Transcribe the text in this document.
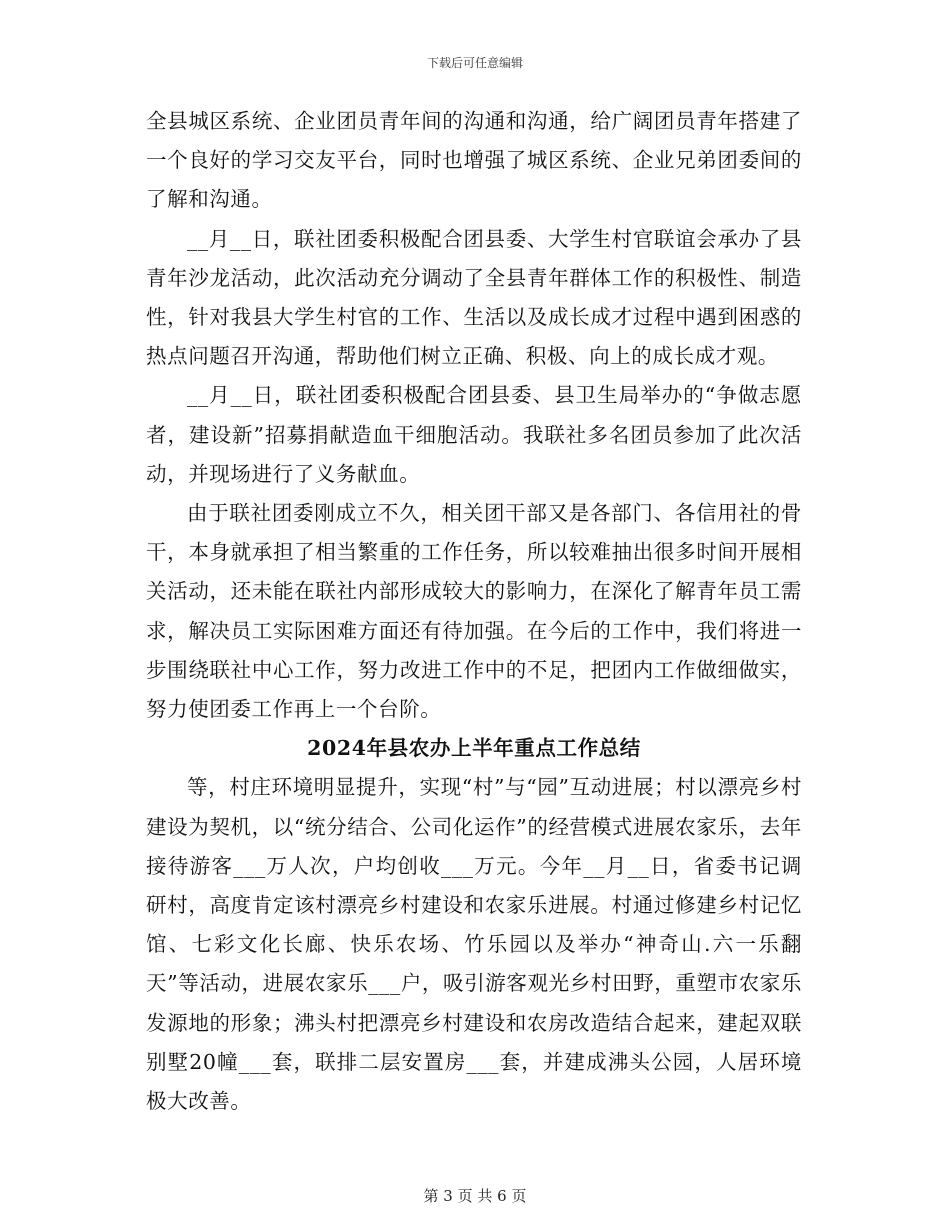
下载后可任意编辑

全县城区系统、企业团员青年间的沟通和沟通，给广阔团员青年搭建了一个良好的学习交友平台，同时也增强了城区系统、企业兄弟团委间的了解和沟通。

__月__日，联社团委积极配合团县委、大学生村官联谊会承办了县青年沙龙活动，此次活动充分调动了全县青年群体工作的积极性、制造性，针对我县大学生村官的工作、生活以及成长成才过程中遇到困惑的热点问题召开沟通，帮助他们树立正确、积极、向上的成长成才观。

__月__日，联社团委积极配合团县委、县卫生局举办的“争做志愿者，建设新”招募捐献造血干细胞活动。我联社多名团员参加了此次活动，并现场进行了义务献血。

由于联社团委刚成立不久，相关团干部又是各部门、各信用社的骨干，本身就承担了相当繁重的工作任务，所以较难抽出很多时间开展相关活动，还未能在联社内部形成较大的影响力，在深化了解青年员工需求，解决员工实际困难方面还有待加强。在今后的工作中，我们将进一步围绕联社中心工作，努力改进工作中的不足，把团内工作做细做实，努力使团委工作再上一个台阶。

2024年县农办上半年重点工作总结

等，村庄环境明显提升，实现“村”与“园”互动进展；村以漂亮乡村建设为契机，以“统分结合、公司化运作”的经营模式进展农家乐，去年接待游客___万人次，户均创收___万元。今年__月__日，省委书记调研村，高度肯定该村漂亮乡村建设和农家乐进展。村通过修建乡村记忆馆、七彩文化长廊、快乐农场、竹乐园以及举办“神奇山.六一乐翻天”等活动，进展农家乐___户，吸引游客观光乡村田野，重塑市农家乐发源地的形象；沸头村把漂亮乡村建设和农房改造结合起来，建起双联别墅20幢___套，联排二层安置房___套，并建成沸头公园，人居环境极大改善。

第 3 页 共 6 页
